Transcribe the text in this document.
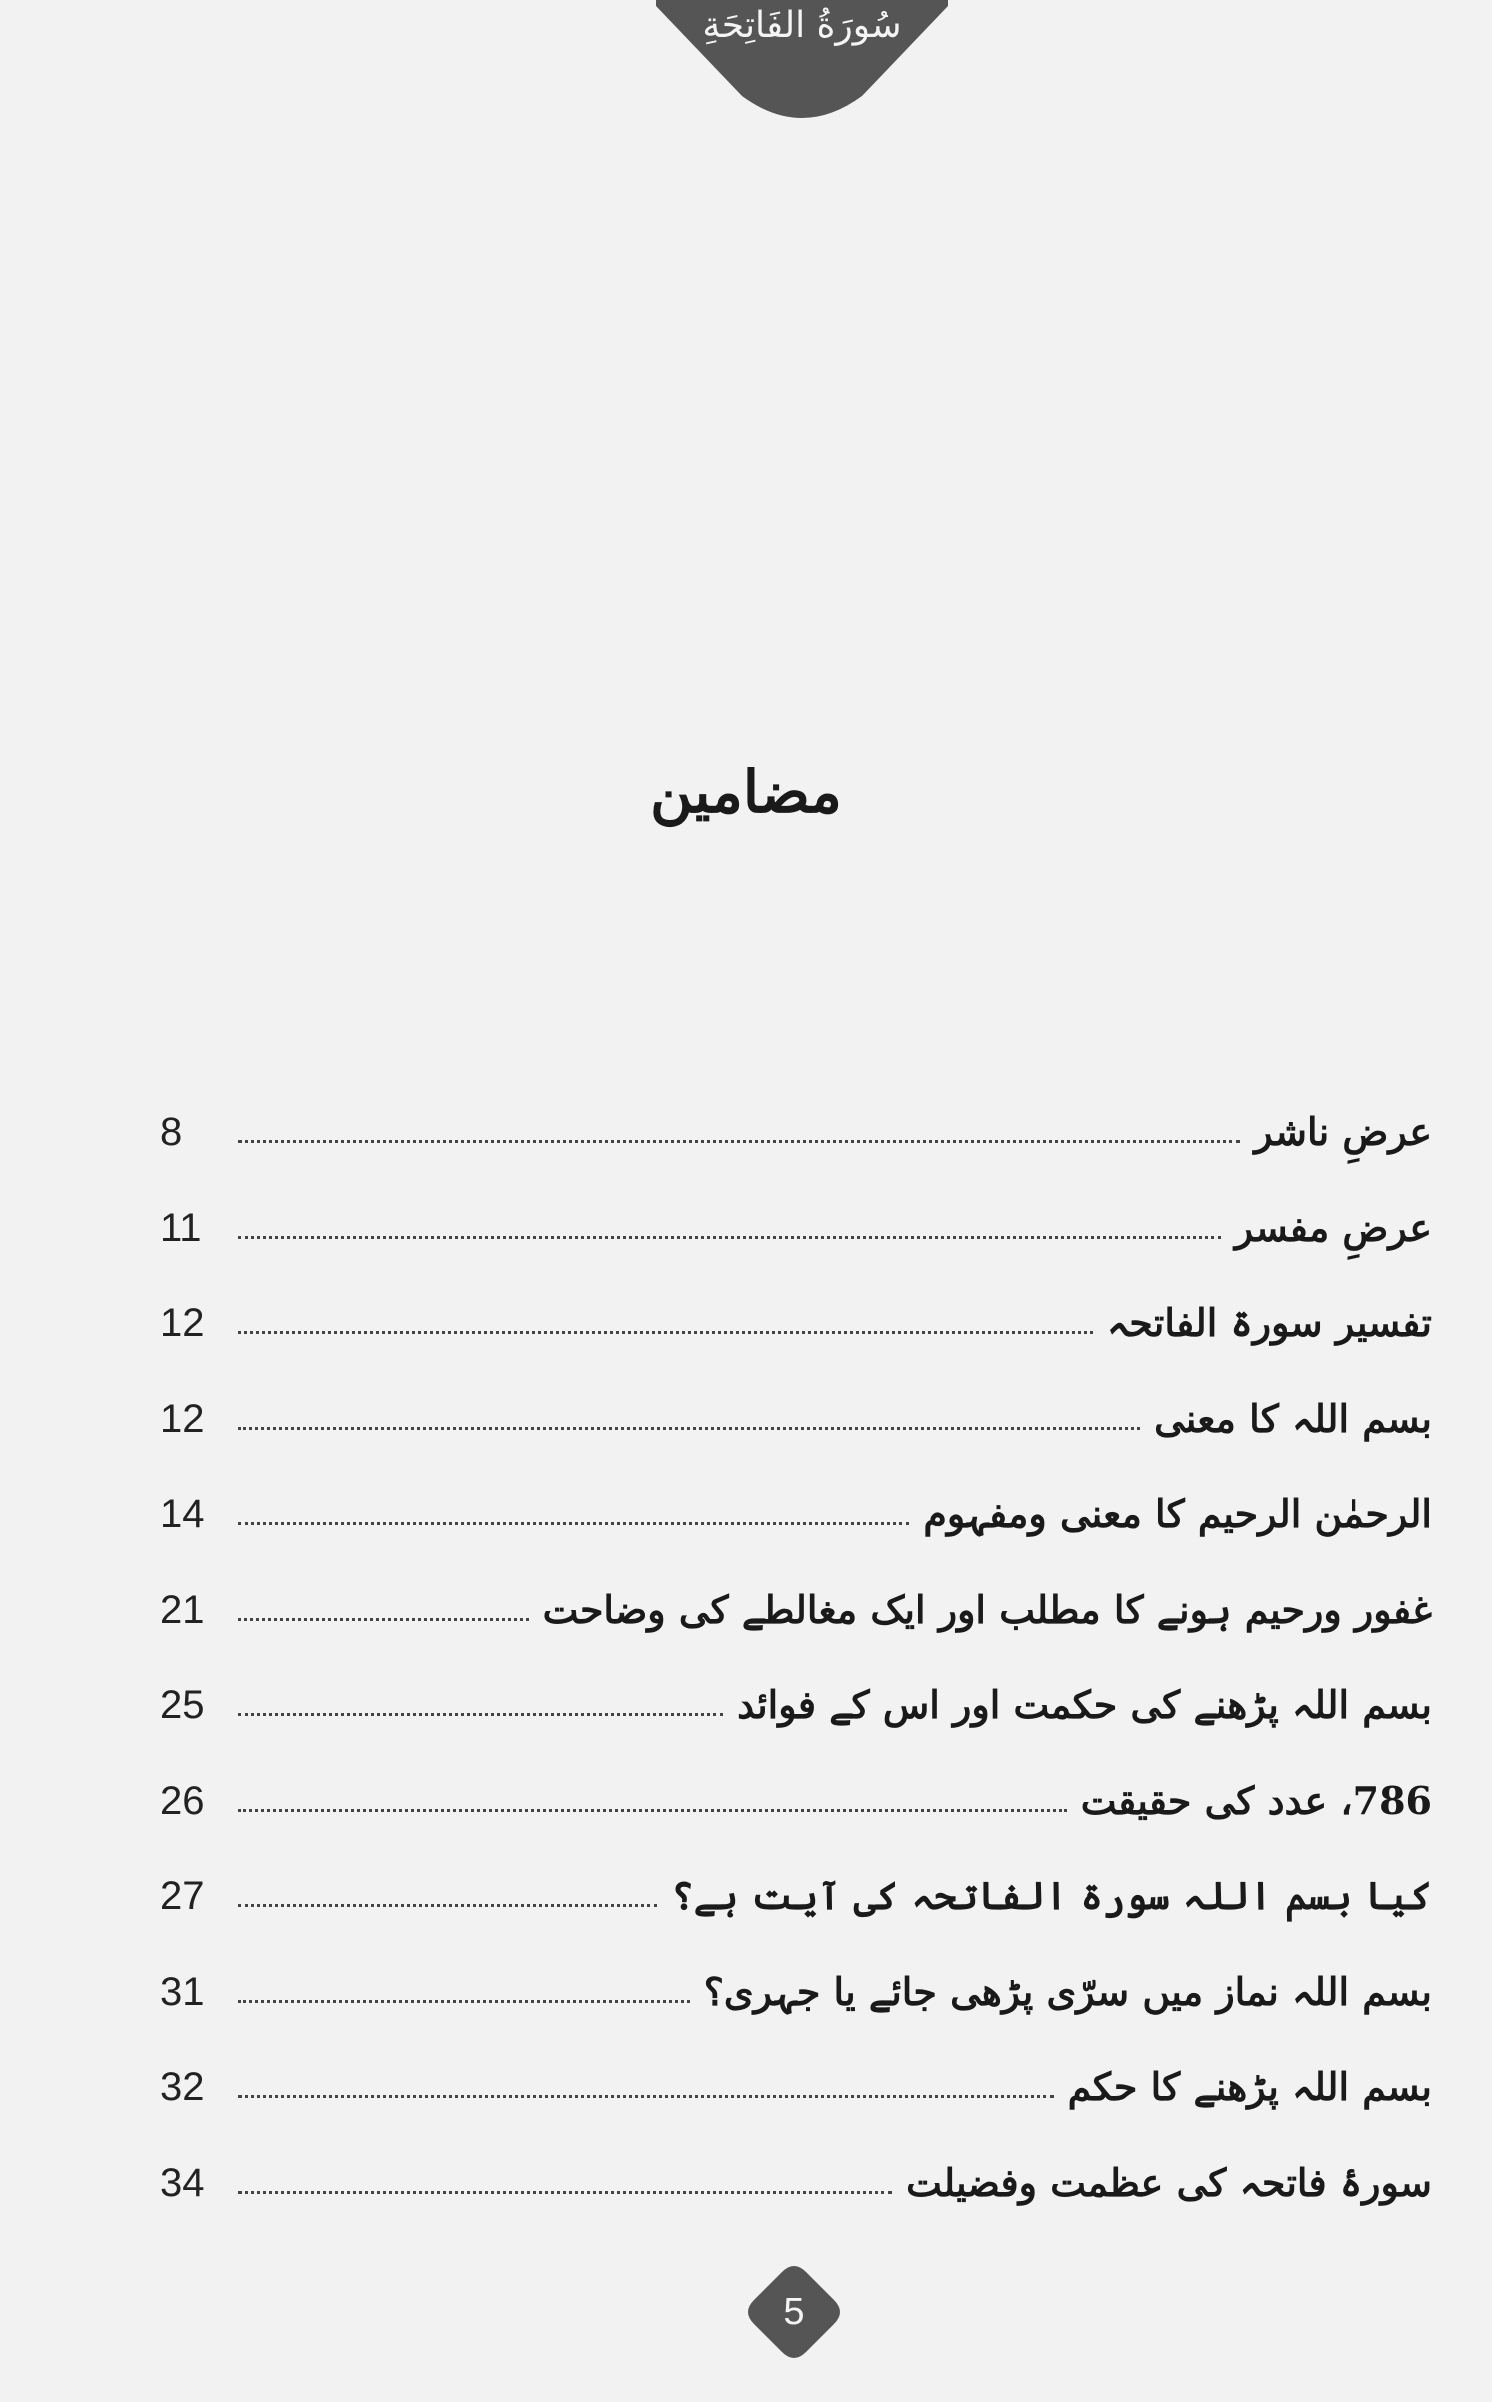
سُورَةُ الفَاتِحَةِ
مضامین
8	عرضِ ناشر
11	عرضِ مفسر
12	تفسیر سورۃ الفاتحہ
12	بسم اللہ کا معنی
14	الرحمٰن الرحیم کا معنی ومفہوم
21	غفور ورحیم ہونے کا مطلب اور ایک مغالطے کی وضاحت
25	بسم اللہ پڑھنے کی حکمت اور اس کے فوائد
26	786، عدد کی حقیقت
27	کیا بسم اللہ سورۃ الفاتحہ کی آیت ہے؟
31	بسم اللہ نماز میں سرّی پڑھی جائے یا جہری؟
32	بسم اللہ پڑھنے کا حکم
34	سورۂ فاتحہ کی عظمت وفضیلت
5
